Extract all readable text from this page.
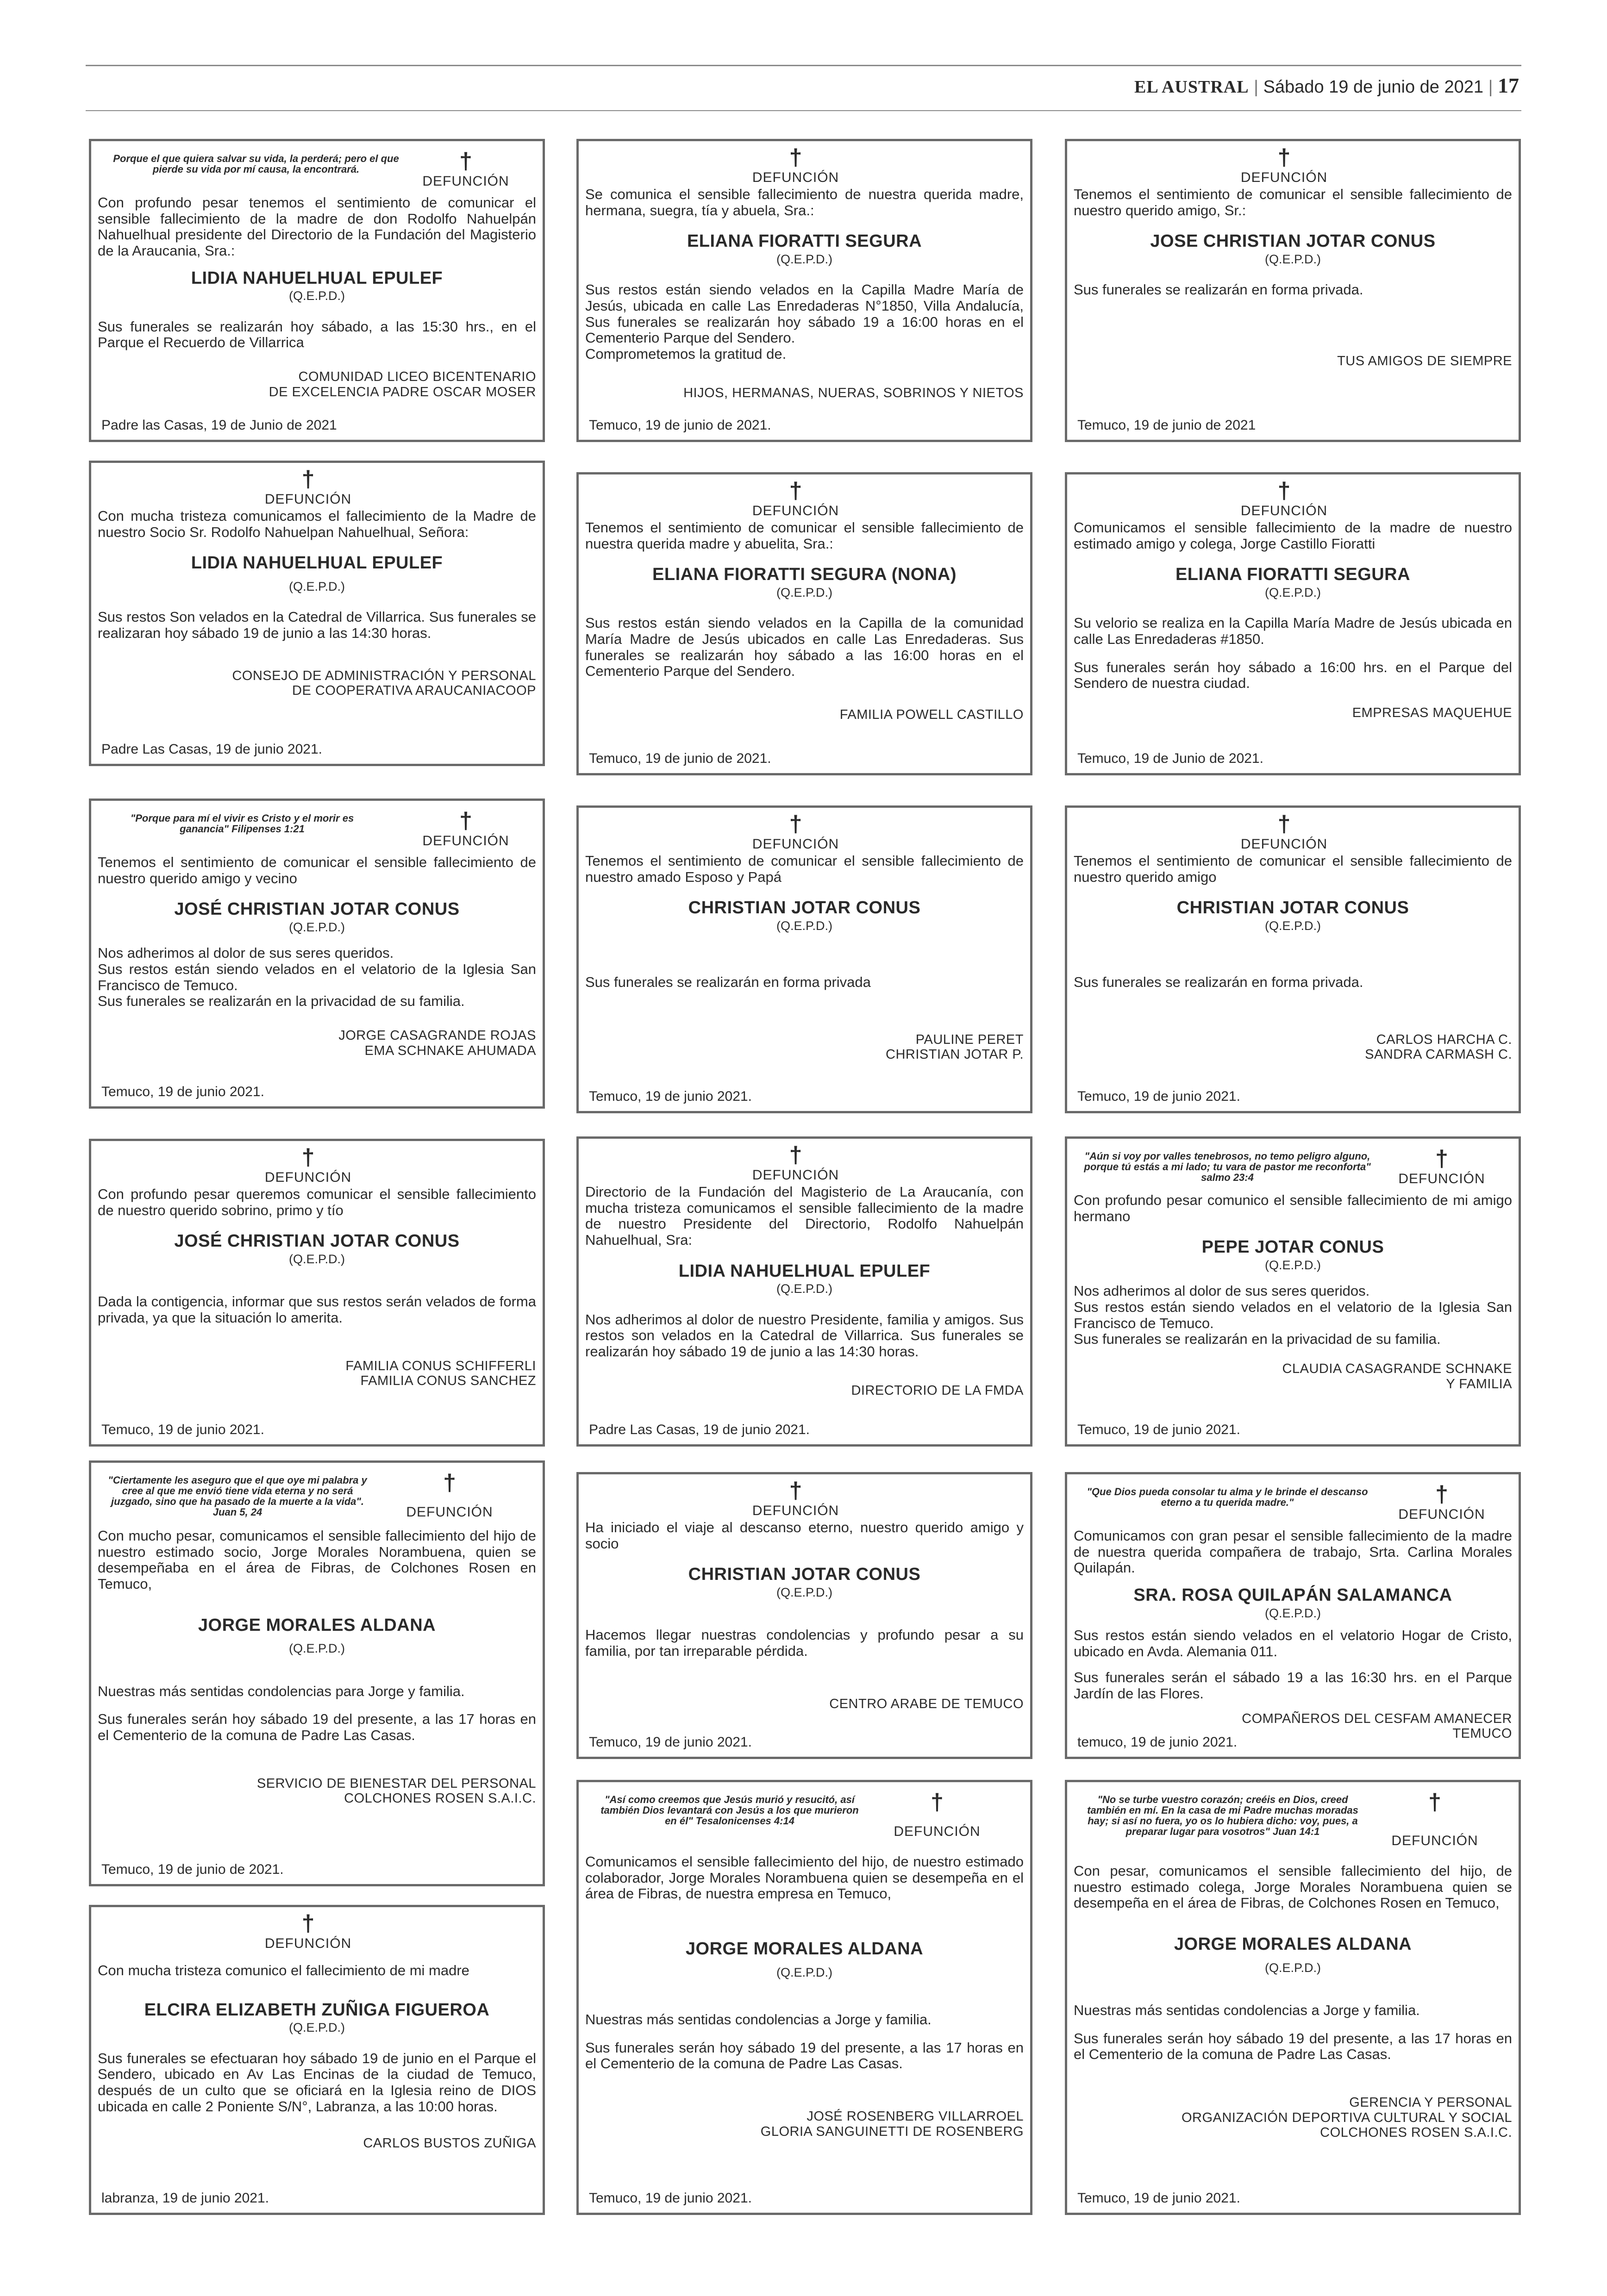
EL AUSTRAL | Sábado 19 de junio de 2021 | 17
Porque el que quiera salvar su vida, la perderá; pero el que pierde su vida por mí causa, la encontrará.	†
DEFUNCIÓN
Con profundo pesar tenemos el sentimiento de comunicar el sensible fallecimiento de la madre de don Rodolfo Nahuelpán Nahuelhual presidente del Directorio de la Fundación del Magisterio de la Araucania, Sra.:
LIDIA NAHUELHUAL EPULEF
(Q.E.P.D.)
Sus funerales se realizarán hoy sábado, a las 15:30 hrs., en el Parque el Recuerdo de Villarrica
COMUNIDAD LICEO BICENTENARIO
DE EXCELENCIA PADRE OSCAR MOSER
Padre las Casas, 19 de Junio de 2021
†
DEFUNCIÓN
Se comunica el sensible fallecimiento de nuestra querida madre, hermana, suegra, tía y abuela, Sra.:
ELIANA FIORATTI SEGURA
(Q.E.P.D.)
Sus restos están siendo velados en la Capilla Madre María de Jesús, ubicada en calle Las Enredaderas N°1850, Villa Andalucía, Sus funerales se realizarán hoy sábado 19 a 16:00 horas en el Cementerio Parque del Sendero.
Comprometemos la gratitud de.
HIJOS, HERMANAS, NUERAS, SOBRINOS Y NIETOS
Temuco, 19 de junio de 2021.
†
DEFUNCIÓN
Tenemos el sentimiento de comunicar el sensible fallecimiento de nuestro querido amigo, Sr.:
JOSE CHRISTIAN JOTAR CONUS
(Q.E.P.D.)
Sus funerales se realizarán en forma privada.
TUS AMIGOS DE SIEMPRE
Temuco, 19 de junio de 2021
†
DEFUNCIÓN
Con mucha tristeza comunicamos el fallecimiento de la Madre de nuestro Socio Sr. Rodolfo Nahuelpan Nahuelhual, Señora:
LIDIA NAHUELHUAL EPULEF
(Q.E.P.D.)
Sus restos Son velados en la Catedral de Villarrica. Sus funerales se realizaran hoy sábado 19 de junio a las 14:30 horas.
CONSEJO DE ADMINISTRACIÓN Y PERSONAL
DE COOPERATIVA ARAUCANIACOOP
Padre Las Casas, 19 de junio 2021.
†
DEFUNCIÓN
Tenemos el sentimiento de comunicar el sensible fallecimiento de nuestra querida madre y abuelita, Sra.:
ELIANA FIORATTI SEGURA (NONA)
(Q.E.P.D.)
Sus restos están siendo velados en la Capilla de la comunidad María Madre de Jesús ubicados en calle Las Enredaderas. Sus funerales se realizarán hoy sábado a las 16:00 horas en el Cementerio Parque del Sendero.
FAMILIA POWELL CASTILLO
Temuco, 19 de junio de 2021.
†
DEFUNCIÓN
Comunicamos el sensible fallecimiento de la madre de nuestro estimado amigo y colega, Jorge Castillo Fioratti
ELIANA FIORATTI SEGURA
(Q.E.P.D.)
Su velorio se realiza en la Capilla María Madre de Jesús ubicada en calle Las Enredaderas #1850.
Sus funerales serán hoy sábado a 16:00 hrs. en el Parque del Sendero de nuestra ciudad.
EMPRESAS MAQUEHUE
Temuco, 19 de Junio de 2021.
"Porque para mí el vivir es Cristo y el morir es ganancia" Filipenses 1:21	†
DEFUNCIÓN
Tenemos el sentimiento de comunicar el sensible fallecimiento de nuestro querido amigo y vecino
JOSÉ CHRISTIAN JOTAR CONUS
(Q.E.P.D.)
Nos adherimos al dolor de sus seres queridos.
Sus restos están siendo velados en el velatorio de la Iglesia San Francisco de Temuco.
Sus funerales se realizarán en la privacidad de su familia.
JORGE CASAGRANDE ROJAS
EMA SCHNAKE AHUMADA
Temuco, 19 de junio 2021.
†
DEFUNCIÓN
Tenemos el sentimiento de comunicar el sensible fallecimiento de nuestro amado Esposo y Papá
CHRISTIAN JOTAR CONUS
(Q.E.P.D.)
Sus funerales se realizarán en forma privada
PAULINE PERET
CHRISTIAN JOTAR P.
Temuco, 19 de junio 2021.
†
DEFUNCIÓN
Tenemos el sentimiento de comunicar el sensible fallecimiento de nuestro querido amigo
CHRISTIAN JOTAR CONUS
(Q.E.P.D.)
Sus funerales se realizarán en forma privada.
CARLOS HARCHA C.
SANDRA CARMASH C.
Temuco, 19 de junio 2021.
†
DEFUNCIÓN
Con profundo pesar queremos comunicar el sensible fallecimiento de nuestro querido sobrino, primo y tío
JOSÉ CHRISTIAN JOTAR CONUS
(Q.E.P.D.)
Dada la contigencia, informar que sus restos serán velados de forma privada, ya que la situación lo amerita.
FAMILIA CONUS SCHIFFERLI
FAMILIA CONUS SANCHEZ
Temuco, 19 de junio 2021.
†
DEFUNCIÓN
Directorio de la Fundación del Magisterio de La Araucanía, con mucha tristeza comunicamos el sensible fallecimiento de la madre de nuestro Presidente del Directorio, Rodolfo Nahuelpán Nahuelhual, Sra:
LIDIA NAHUELHUAL EPULEF
(Q.E.P.D.)
Nos adherimos al dolor de nuestro Presidente, familia y amigos. Sus restos son velados en la Catedral de Villarrica. Sus funerales se realizarán hoy sábado 19 de junio a las 14:30 horas.
DIRECTORIO DE LA FMDA
Padre Las Casas, 19 de junio 2021.
"Aún si voy por valles tenebrosos, no temo peligro alguno, porque tú estás a mi lado; tu vara de pastor me reconforta" salmo 23:4
†
DEFUNCIÓN
Con profundo pesar comunico el sensible fallecimiento de mi amigo hermano
PEPE JOTAR CONUS
(Q.E.P.D.)
Nos adherimos al dolor de sus seres queridos.
Sus restos están siendo velados en el velatorio de la Iglesia San Francisco de Temuco.
Sus funerales se realizarán en la privacidad de su familia.
CLAUDIA CASAGRANDE SCHNAKE
Y FAMILIA
Temuco, 19 de junio 2021.
"Ciertamente les aseguro que el que oye mi palabra y cree al que me envió tiene vida eterna y no será juzgado, sino que ha pasado de la muerte a la vida". Juan 5, 24
†
DEFUNCIÓN
Con mucho pesar, comunicamos el sensible fallecimiento del hijo de nuestro estimado socio, Jorge Morales Norambuena, quien se desempeñaba en el área de Fibras, de Colchones Rosen en Temuco,
JORGE MORALES ALDANA
(Q.E.P.D.)
Nuestras más sentidas condolencias para Jorge y familia.
Sus funerales serán hoy sábado 19 del presente, a las 17 horas en el Cementerio de la comuna de Padre Las Casas.
SERVICIO DE BIENESTAR DEL PERSONAL
COLCHONES ROSEN S.A.I.C.
Temuco, 19 de junio de 2021.
†
DEFUNCIÓN
Ha iniciado el viaje al descanso eterno, nuestro querido amigo y socio
CHRISTIAN JOTAR CONUS
(Q.E.P.D.)
Hacemos llegar nuestras condolencias y profundo pesar a su familia, por tan irreparable pérdida.
CENTRO ARABE DE TEMUCO
Temuco, 19 de junio 2021.
"Que Dios pueda consolar tu alma y le brinde el descanso eterno a tu querida madre."	†
DEFUNCIÓN
Comunicamos con gran pesar el sensible fallecimiento de la madre de nuestra querida compañera de trabajo, Srta. Carlina Morales Quilapán.
SRA. ROSA QUILAPÁN SALAMANCA
(Q.E.P.D.)
Sus restos están siendo velados en el velatorio Hogar de Cristo, ubicado en Avda. Alemania 011.
Sus funerales serán el sábado 19 a las 16:30 hrs. en el Parque Jardín de las Flores.
COMPAÑEROS DEL CESFAM AMANECER
TEMUCO
temuco, 19 de junio 2021.
†
DEFUNCIÓN
Con mucha tristeza comunico el fallecimiento de mi madre
ELCIRA ELIZABETH ZUÑIGA FIGUEROA
(Q.E.P.D.)
Sus funerales se efectuaran hoy sábado 19 de junio en el Parque el Sendero, ubicado en Av Las Encinas de la ciudad de Temuco, después de un culto que se oficiará en la Iglesia reino de DIOS ubicada en calle 2 Poniente S/N°, Labranza, a las 10:00 horas.
CARLOS BUSTOS ZUÑIGA
labranza, 19 de junio 2021.
"Así como creemos que Jesús murió y resucitó, así también Dios levantará con Jesús a los que murieron en él" Tesalonicenses 4:14
†
DEFUNCIÓN
Comunicamos el sensible fallecimiento del hijo, de nuestro estimado colaborador, Jorge Morales Norambuena quien se desempeña en el área de Fibras, de nuestra empresa en Temuco,
JORGE MORALES ALDANA
(Q.E.P.D.)
Nuestras más sentidas condolencias a Jorge y familia.
Sus funerales serán hoy sábado 19 del presente, a las 17 horas en el Cementerio de la comuna de Padre Las Casas.
JOSÉ ROSENBERG VILLARROEL
GLORIA SANGUINETTI DE ROSENBERG
Temuco, 19 de junio 2021.
"No se turbe vuestro corazón; creéis en Dios, creed también en mí. En la casa de mi Padre muchas moradas hay; si así no fuera, yo os lo hubiera dicho: voy, pues, a preparar lugar para vosotros" Juan 14:1
†
DEFUNCIÓN
Con pesar, comunicamos el sensible fallecimiento del hijo, de nuestro estimado colega, Jorge Morales Norambuena quien se desempeña en el área de Fibras, de Colchones Rosen en Temuco,
JORGE MORALES ALDANA
(Q.E.P.D.)
Nuestras más sentidas condolencias a Jorge y familia.
Sus funerales serán hoy sábado 19 del presente, a las 17 horas en el Cementerio de la comuna de Padre Las Casas.
GERENCIA Y PERSONAL
ORGANIZACIÓN DEPORTIVA CULTURAL Y SOCIAL
COLCHONES ROSEN S.A.I.C.
Temuco, 19 de junio 2021.
